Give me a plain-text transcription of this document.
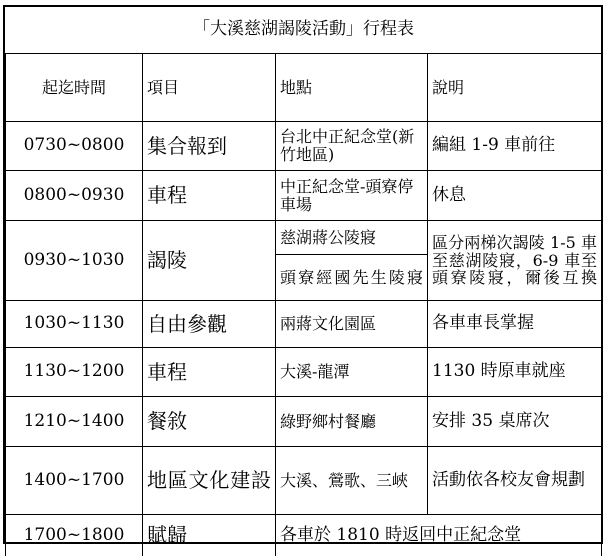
「大溪慈湖謁陵活動」行程表			
起迄時間	項目	地點	說明
0730~0800	集合報到	台北中正紀念堂(新竹地區)	編組 1-9 車前往
0800~0930	車程	中正紀念堂-頭寮停車場	休息
0930~1030	謁陵	慈湖蔣公陵寢	區分兩梯次謁陵 1-5 車至慈湖陵寢，6-9 車至頭寮陵寢，爾後互換
		頭寮經國先生陵寢	
1030~1130	自由參觀	兩蔣文化園區	各車車長掌握
1130~1200	車程	大溪-龍潭	1130 時原車就座
1210~1400	餐敘	綠野鄉村餐廳	安排 35 桌席次
1400~1700	地區文化建設	大溪、鶯歌、三峽	活動依各校友會規劃
1700~1800	賦歸	各車於 1810 時返回中正紀念堂	
